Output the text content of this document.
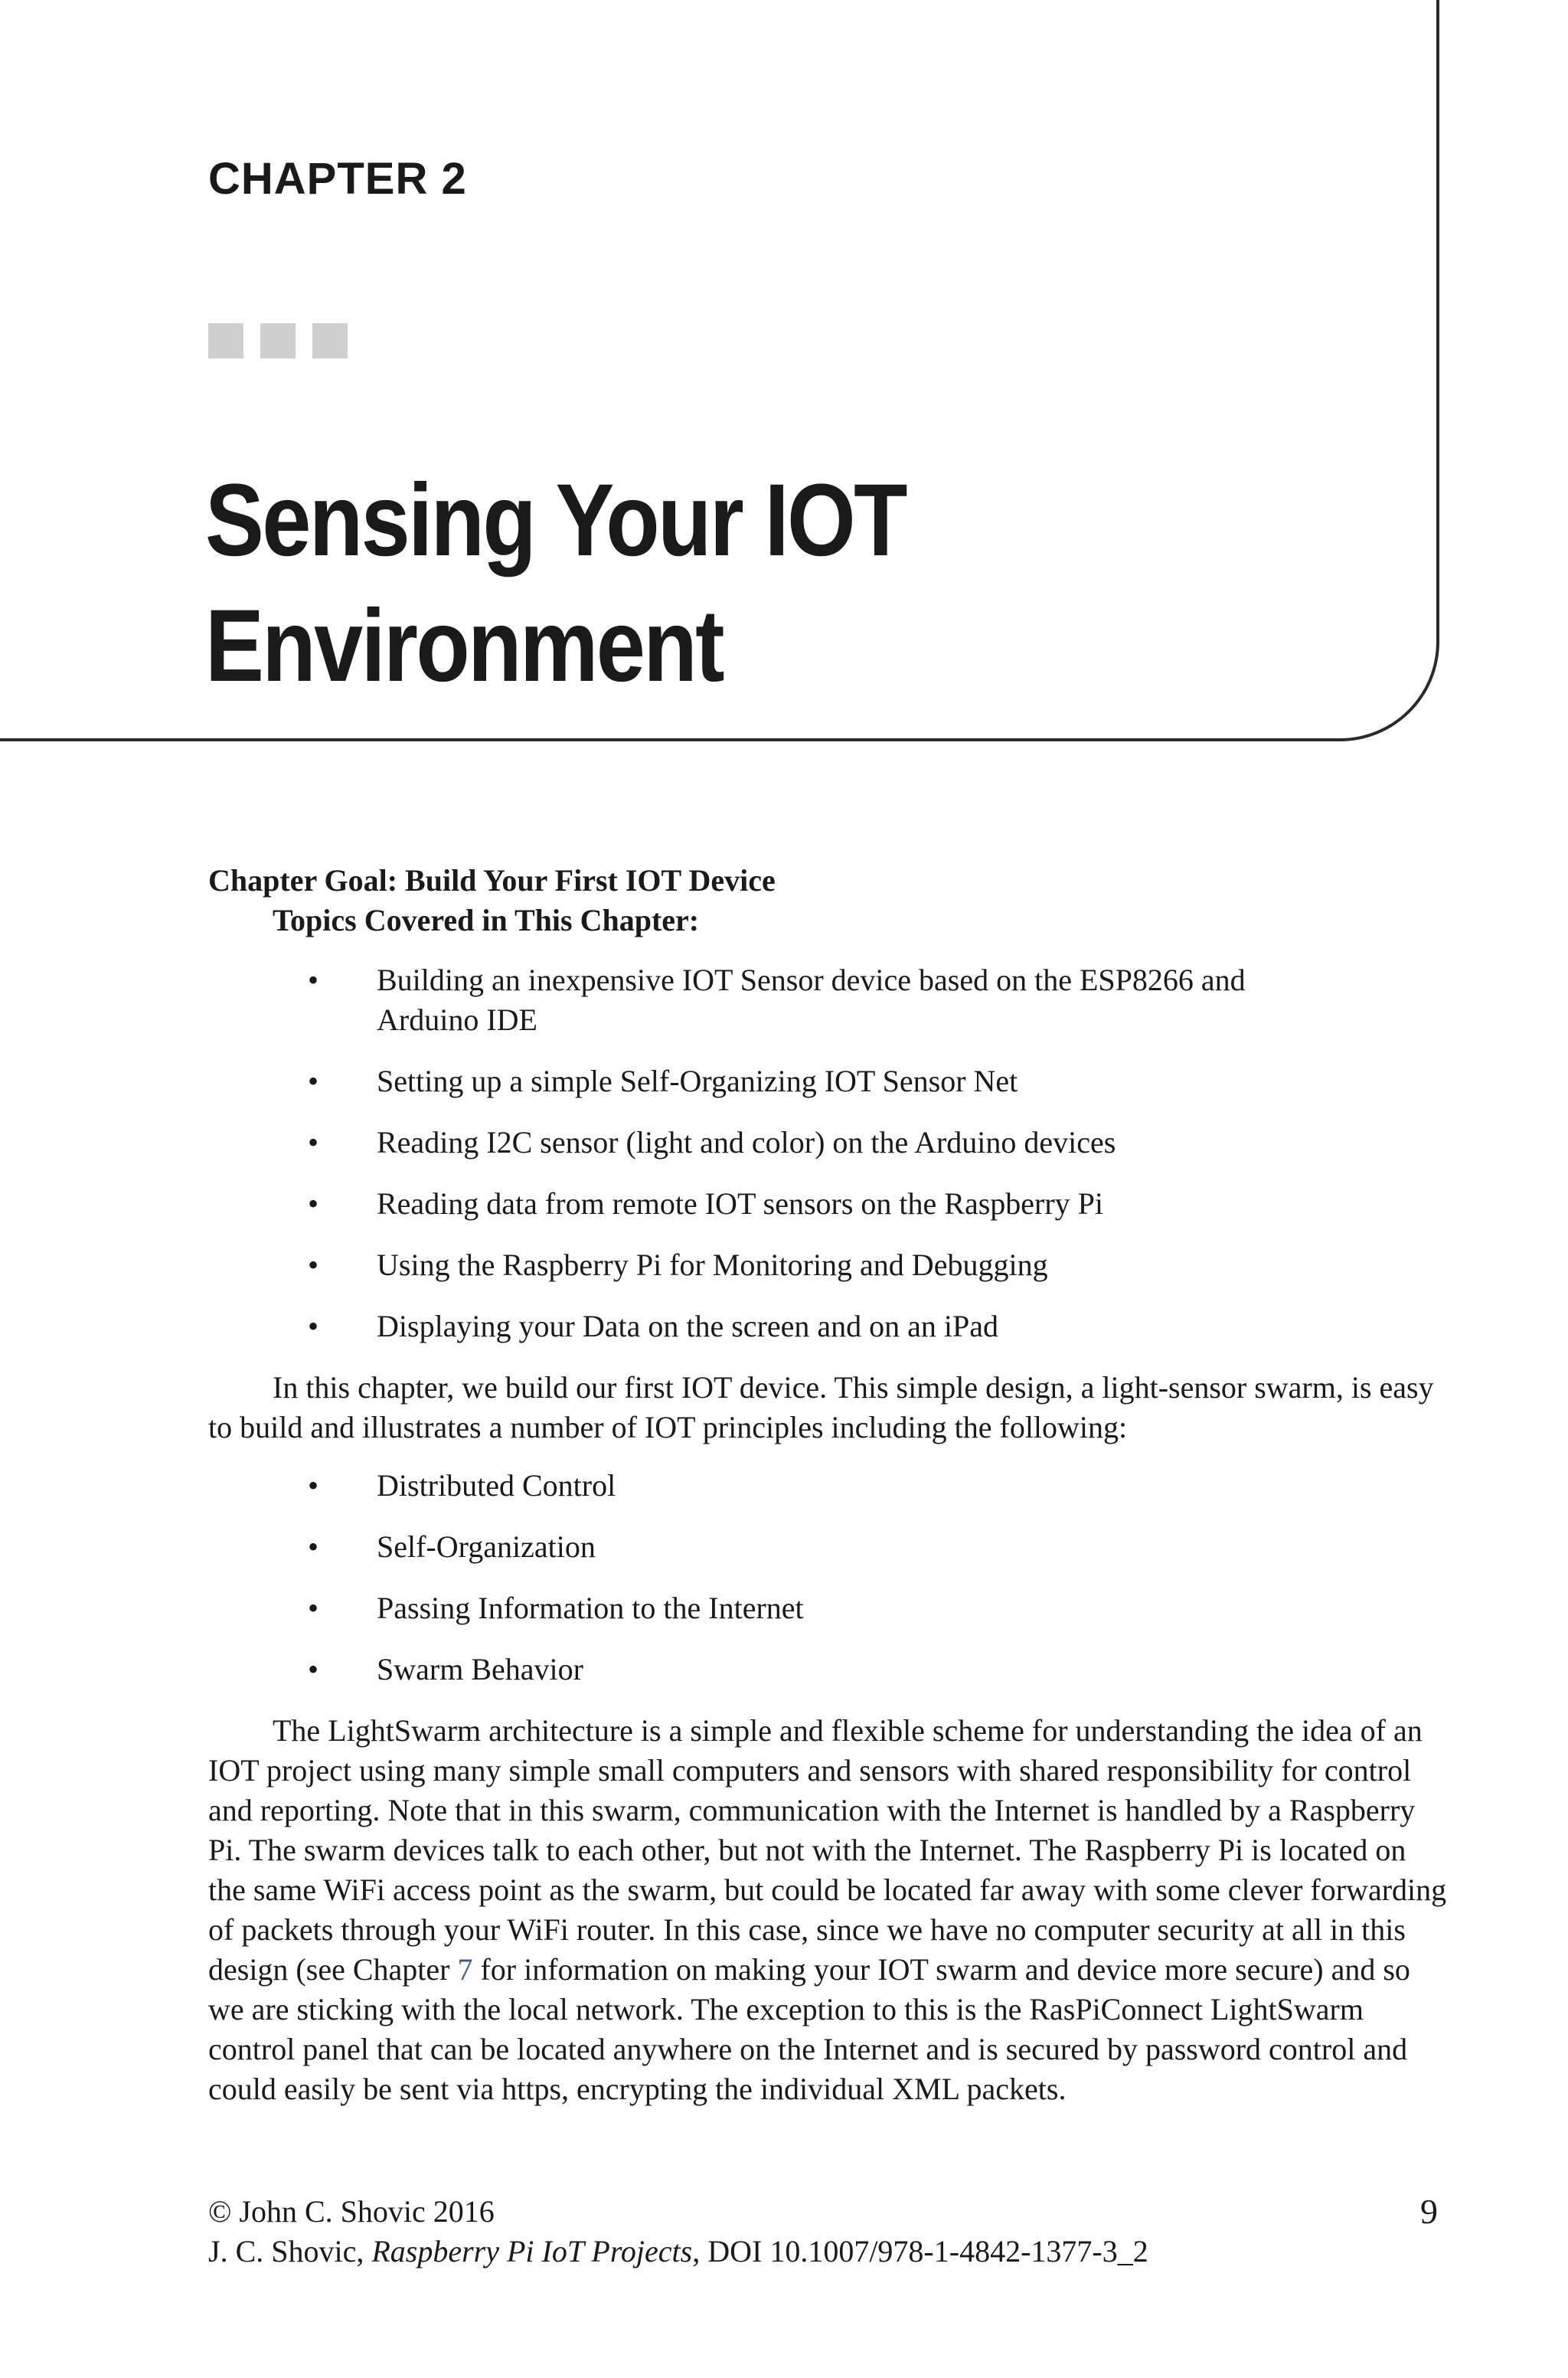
CHAPTER 2
Sensing Your IOT
Environment

Chapter Goal: Build Your First IOT Device

Topics Covered in This Chapter:

• Building an inexpensive IOT Sensor device based on the ESP8266 and Arduino IDE
• Setting up a simple Self-Organizing IOT Sensor Net
• Reading I2C sensor (light and color) on the Arduino devices
• Reading data from remote IOT sensors on the Raspberry Pi
• Using the Raspberry Pi for Monitoring and Debugging
• Displaying your Data on the screen and on an iPad

In this chapter, we build our first IOT device. This simple design, a light-sensor swarm, is easy to build and illustrates a number of IOT principles including the following:

• Distributed Control
• Self-Organization
• Passing Information to the Internet
• Swarm Behavior

The LightSwarm architecture is a simple and flexible scheme for understanding the idea of an IOT project using many simple small computers and sensors with shared responsibility for control and reporting. Note that in this swarm, communication with the Internet is handled by a Raspberry Pi. The swarm devices talk to each other, but not with the Internet. The Raspberry Pi is located on the same WiFi access point as the swarm, but could be located far away with some clever forwarding of packets through your WiFi router. In this case, since we have no computer security at all in this design (see Chapter 7 for information on making your IOT swarm and device more secure) and so we are sticking with the local network. The exception to this is the RasPiConnect LightSwarm control panel that can be located anywhere on the Internet and is secured by password control and could easily be sent via https, encrypting the individual XML packets.

© John C. Shovic 2016
J. C. Shovic, Raspberry Pi IoT Projects, DOI 10.1007/978-1-4842-1377-3_2
9
